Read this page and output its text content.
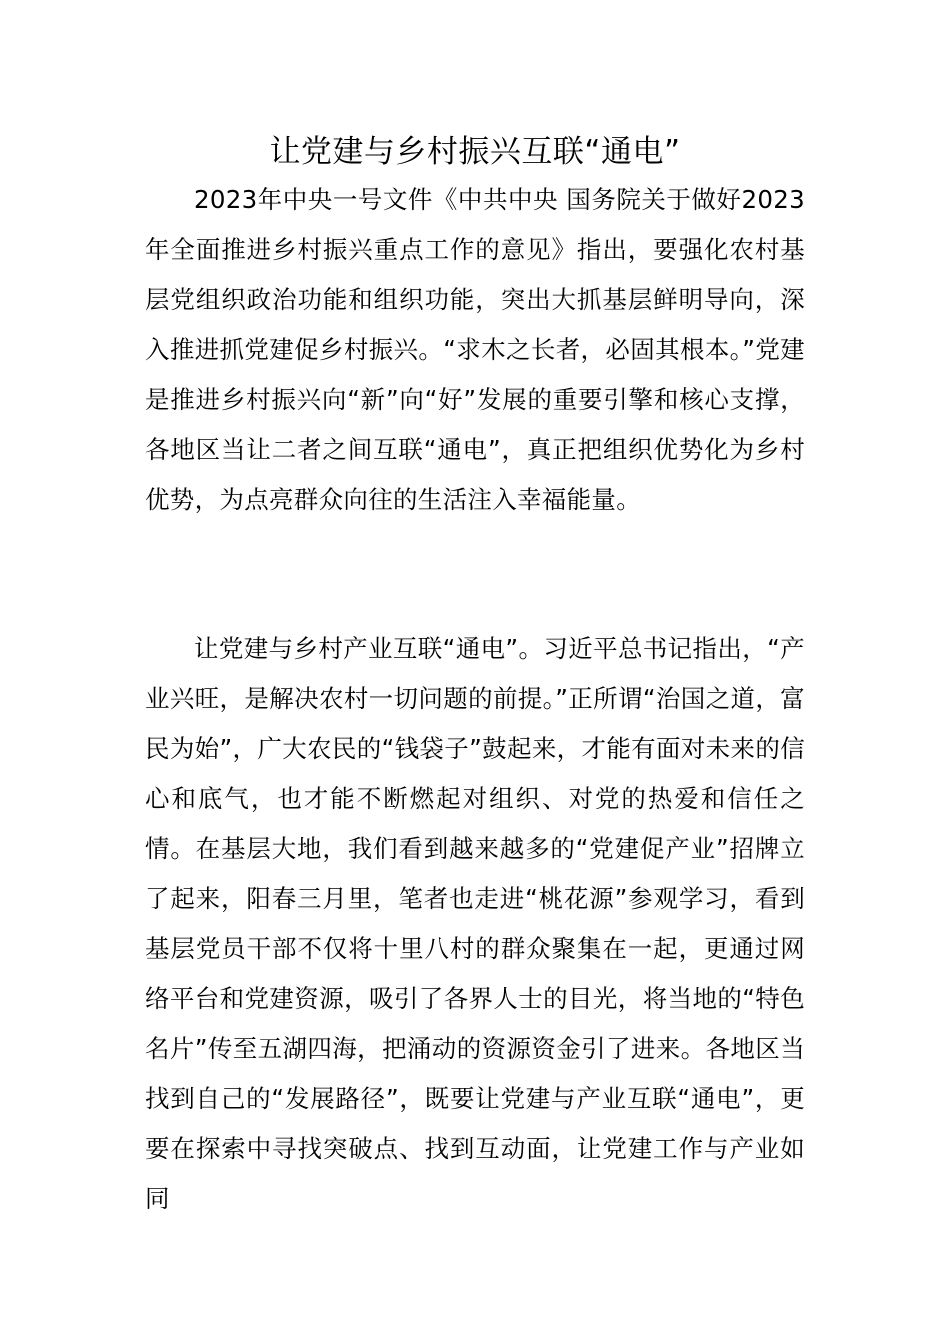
让党建与乡村振兴互联“通电”

2023年中央一号文件《中共中央 国务院关于做好2023年全面推进乡村振兴重点工作的意见》指出，要强化农村基层党组织政治功能和组织功能，突出大抓基层鲜明导向，深入推进抓党建促乡村振兴。“求木之长者，必固其根本。”党建是推进乡村振兴向“新”向“好”发展的重要引擎和核心支撑，各地区当让二者之间互联“通电”，真正把组织优势化为乡村优势，为点亮群众向往的生活注入幸福能量。

让党建与乡村产业互联“通电”。习近平总书记指出，“产业兴旺，是解决农村一切问题的前提。”正所谓“治国之道，富民为始”，广大农民的“钱袋子”鼓起来，才能有面对未来的信心和底气，也才能不断燃起对组织、对党的热爱和信任之情。在基层大地，我们看到越来越多的“党建促产业”招牌立了起来，阳春三月里，笔者也走进“桃花源”参观学习，看到基层党员干部不仅将十里八村的群众聚集在一起，更通过网络平台和党建资源，吸引了各界人士的目光，将当地的“特色名片”传至五湖四海，把涌动的资源资金引了进来。各地区当找到自己的“发展路径”，既要让党建与产业互联“通电”，更要在探索中寻找突破点、找到互动面，让党建工作与产业如同
